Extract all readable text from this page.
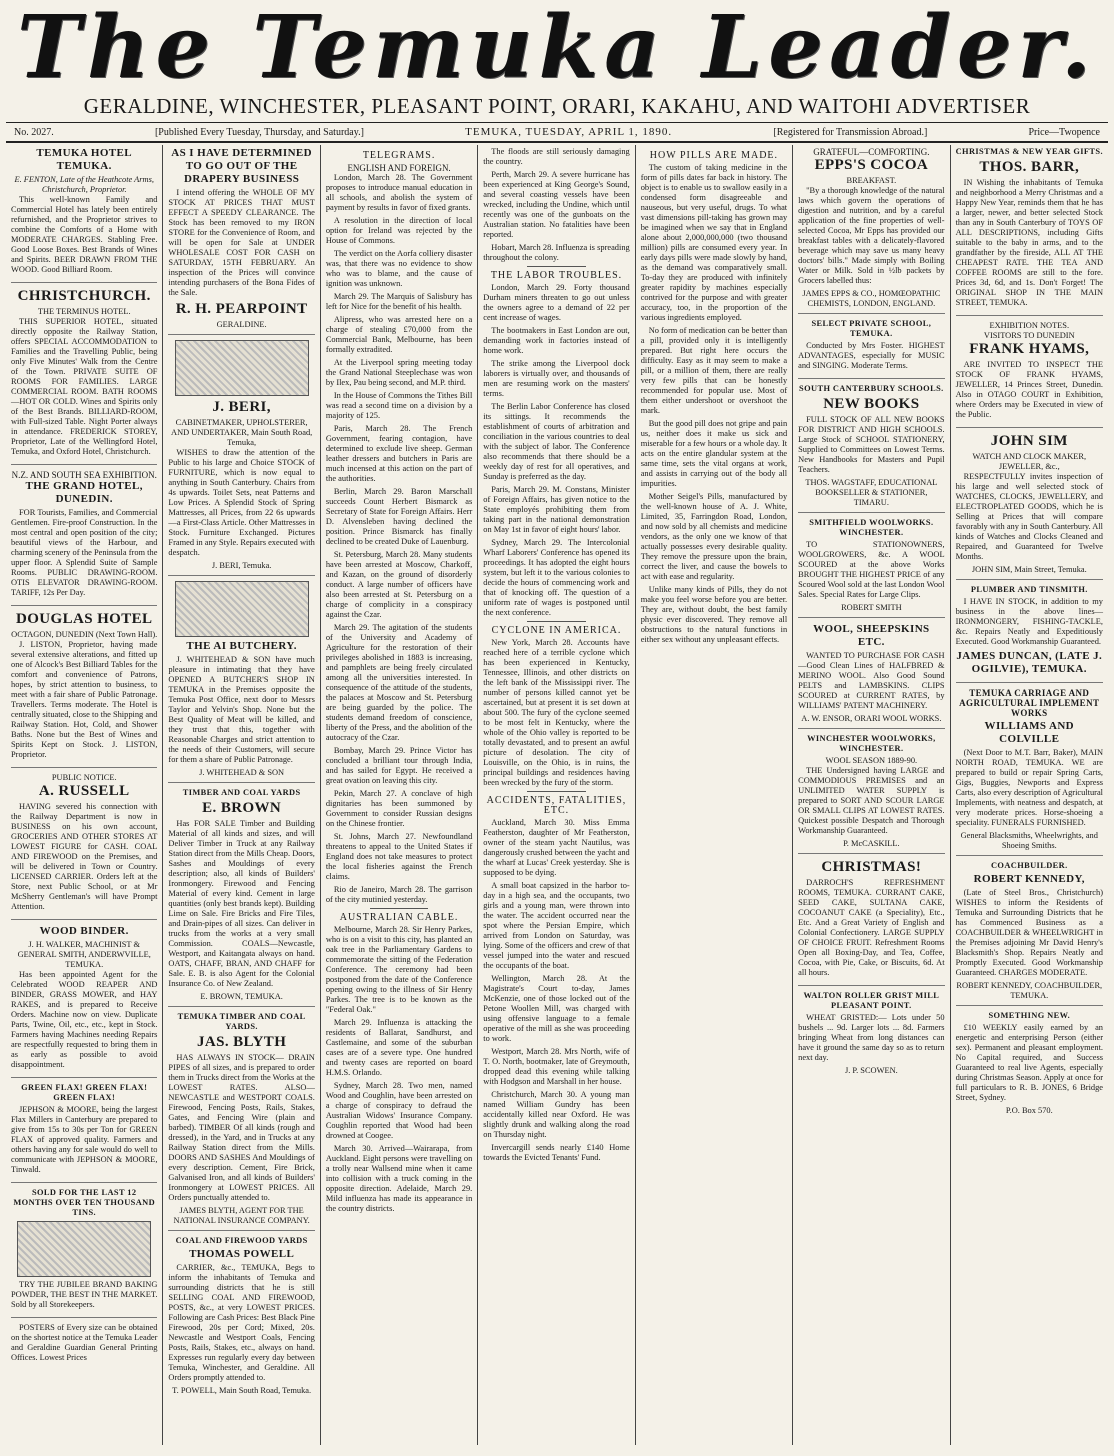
The Temuka Leader.
GERALDINE, WINCHESTER, PLEASANT POINT, ORARI, KAKAHU, AND WAITOHI ADVERTISER
No. 2027.	[Published Every Tuesday, Thursday, and Saturday.]	TEMUKA, TUESDAY, APRIL 1, 1890.	[Registered for Transmission Abroad.]	Price—Twopence
TEMUKA HOTEL TEMUKA.
E. FENTON, Late of the Heathcote Arms, Christchurch, Proprietor.

This well-known Family and Commercial Hotel has lately been entirely refurnished, and the Proprietor strives to combine the Comforts of a Home with MODERATE CHARGES. Stabling Free. Good Loose Boxes. Best Brands of Wines and Spirits. BEER DRAWN FROM THE WOOD. Good Billiard Room.

CHRISTCHURCH.
THE TERMINUS HOTEL.

THIS SUPERIOR HOTEL, situated directly opposite the Railway Station, offers SPECIAL ACCOMMODATION to Families and the Travelling Public, being only Five Minutes' Walk from the Centre of the Town. PRIVATE SUITE OF ROOMS FOR FAMILIES. LARGE COMMERCIAL ROOM. BATH ROOMS—HOT OR COLD. Wines and Spirits only of the Best Brands. BILLIARD-ROOM, with Full-sized Table. Night Porter always in attendance. FREDERICK STOREY, Proprietor, Late of the Wellingford Hotel, Temuka, and Oxford Hotel, Christchurch.

N.Z. AND SOUTH SEA EXHIBITION.
THE GRAND HOTEL, DUNEDIN.

FOR Tourists, Families, and Commercial Gentlemen. Fire-proof Construction. In the most central and open position of the city; beautiful views of the Harbour, and charming scenery of the Peninsula from the upper floor. A Splendid Suite of Sample Rooms. PUBLIC DRAWING-ROOM. OTIS ELEVATOR DRAWING-ROOM. TARIFF, 12s Per Day.

DOUGLAS HOTEL
OCTAGON, DUNEDIN (Next Town Hall).

J. LISTON, Proprietor, having made several extensive alterations, and fitted up one of Alcock's Best Billiard Tables for the comfort and convenience of Patrons, hopes, by strict attention to business, to meet with a fair share of Public Patronage. Travellers. Terms moderate. The Hotel is centrally situated, close to the Shipping and Railway Station. Hot, Cold, and Shower Baths. None but the Best of Wines and Spirits Kept on Stock. J. LISTON, Proprietor.

PUBLIC NOTICE.
A. RUSSELL

HAVING severed his connection with the Railway Department is now in BUSINESS on his own account, GROCERIES AND OTHER STORES AT LOWEST FIGURE for CASH. COAL AND FIREWOOD on the Premises, and will be delivered in Town or Country. LICENSED CARRIER. Orders left at the Store, next Public School, or at Mr McSherry Gentleman's will have Prompt Attention.

WOOD BINDER.
J. H. WALKER, MACHINIST & GENERAL SMITH, ANDERWVILLE, TEMUKA.

Has been appointed Agent for the Celebrated WOOD REAPER AND BINDER, GRASS MOWER, and HAY RAKES, and is prepared to Receive Orders. Machine now on view. Duplicate Parts, Twine, Oil, etc., etc., kept in Stock. Farmers having Machines needing Repairs are respectfully requested to bring them in as early as possible to avoid disappointment.

GREEN FLAX! GREEN FLAX! GREEN FLAX!

JEPHSON & MOORE, being the largest Flax Millers in Canterbury are prepared to give from 15s to 30s per Ton for GREEN FLAX of approved quality. Farmers and others having any for sale would do well to communicate with JEPHSON & MOORE, Tinwald.

SOLD FOR THE LAST 12 MONTHS OVER TEN THOUSAND TINS.

TRY THE JUBILEE BRAND BAKING POWDER, THE BEST IN THE MARKET. Sold by all Storekeepers.

POSTERS of Every size can be obtained on the shortest notice at the Temuka Leader and Geraldine Guardian General Printing Offices. Lowest Prices

AS I HAVE DETERMINED TO GO OUT OF THE DRAPERY BUSINESS

I intend offering the WHOLE OF MY STOCK AT PRICES THAT MUST EFFECT A SPEEDY CLEARANCE. The Stock has been removed to my IRON STORE for the Convenience of Room, and will be open for Sale at UNDER WHOLESALE COST FOR CASH on SATURDAY, 15TH FEBRUARY. An inspection of the Prices will convince intending purchasers of the Bona Fides of the Sale.

R. H. PEARPOINT
GERALDINE.
J. BERI,
CABINETMAKER, UPHOLSTERER, AND UNDERTAKER, Main South Road, Temuka,

WISHES to draw the attention of the Public to his large and Choice STOCK of FURNITURE, which is now equal to anything in South Canterbury. Chairs from 4s upwards. Toilet Sets, neat Patterns and Low Prices. A Splendid Stock of Spring Mattresses, all Prices, from 22 6s upwards—a First-Class Article. Other Mattresses in Stock. Furniture Exchanged. Pictures Framed in any Style. Repairs executed with despatch.

J. BERI, Temuka.
THE AI BUTCHERY.

J. WHITEHEAD & SON have much pleasure in intimating that they have OPENED A BUTCHER'S SHOP IN TEMUKA in the Premises opposite the Temuka Post Office, next door to Messrs Taylor and Yelvin's Shop. None but the Best Quality of Meat will be killed, and they trust that this, together with Reasonable Charges and strict attention to the needs of their Customers, will secure for them a share of Public Patronage.

J. WHITEHEAD & SON
TIMBER AND COAL YARDS
E. BROWN

Has FOR SALE Timber and Building Material of all kinds and sizes, and will Deliver Timber in Truck at any Railway Station direct from the Mills Cheap. Doors, Sashes and Mouldings of every description; also, all kinds of Builders' Ironmongery. Firewood and Fencing Material of every kind. Cement in large quantities (only best brands kept). Building Lime on Sale. Fire Bricks and Fire Tiles, and Drain-pipes of all sizes. Can deliver in trucks from the works at a very small Commission. COALS—Newcastle, Westport, and Kaitangata always on hand. OATS, CHAFF, BRAN, AND CHAFF for Sale. E. B. is also Agent for the Colonial Insurance Co. of New Zealand.

E. BROWN, TEMUKA.
TEMUKA TIMBER AND COAL YARDS.
JAS. BLYTH

HAS ALWAYS IN STOCK— DRAIN PIPES of all sizes, and is prepared to order them in Trucks direct from the Works at the LOWEST RATES. ALSO— NEWCASTLE and WESTPORT COALS. Firewood, Fencing Posts, Rails, Stakes, Gates, and Fencing Wire (plain and barbed). TIMBER Of all kinds (rough and dressed), in the Yard, and in Trucks at any Railway Station direct from the Mills. DOORS AND SASHES And Mouldings of every description. Cement, Fire Brick, Galvanised Iron, and all kinds of Builders' Ironmongery at LOWEST PRICES. All Orders punctually attended to.

JAMES BLYTH, AGENT FOR THE NATIONAL INSURANCE COMPANY.
COAL AND FIREWOOD YARDS
THOMAS POWELL

CARRIER, &c., TEMUKA, Begs to inform the inhabitants of Temuka and surrounding districts that he is still SELLING COAL AND FIREWOOD, POSTS, &c., at very LOWEST PRICES. Following are Cash Prices: Best Black Pine Firewood, 20s per Cord; Mixed, 20s. Newcastle and Westport Coals, Fencing Posts, Rails, Stakes, etc., always on hand. Expresses run regularly every day between Temuka, Winchester, and Geraldine. All Orders promptly attended to.

T. POWELL, Main South Road, Temuka.
TELEGRAMS.
ENGLISH AND FOREIGN.

London, March 28. The Government proposes to introduce manual education in all schools, and abolish the system of payment by results in favor of fixed grants.

A resolution in the direction of local option for Ireland was rejected by the House of Commons.

The verdict on the Aorfa colliery disaster was, that there was no evidence to show who was to blame, and the cause of ignition was unknown.

March 29. The Marquis of Salisbury has left for Nice for the benefit of his health.

Alipress, who was arrested here on a charge of stealing £70,000 from the Commercial Bank, Melbourne, has been formally extradited.

At the Liverpool spring meeting today the Grand National Steeplechase was won by Ilex, Pau being second, and M.P. third.

In the House of Commons the Tithes Bill was read a second time on a division by a majority of 125.

Paris, March 28. The French Government, fearing contagion, have determined to exclude live sheep. German leather dressers and butchers in Paris are much incensed at this action on the part of the authorities.

Berlin, March 29. Baron Marschall succeeds Count Herbert Bismarck as Secretary of State for Foreign Affairs. Herr D. Alvensleben having declined the position. Prince Bismarck has finally declined to be created Duke of Lauenburg.

St. Petersburg, March 28. Many students have been arrested at Moscow, Charkoff, and Kazan, on the ground of disorderly conduct. A large number of officers have also been arrested at St. Petersburg on a charge of complicity in a conspiracy against the Czar.

March 29. The agitation of the students of the University and Academy of Agriculture for the restoration of their privileges abolished in 1883 is increasing, and pamphlets are being freely circulated among all the universities interested. In consequence of the attitude of the students, the palaces at Moscow and St. Petersburg are being guarded by the police. The students demand freedom of conscience, liberty of the Press, and the abolition of the autocracy of the Czar.

Bombay, March 29. Prince Victor has concluded a brilliant tour through India, and has sailed for Egypt. He received a great ovation on leaving this city.

Pekin, March 27. A conclave of high dignitaries has been summoned by Government to consider Russian designs on the Chinese frontier.

St. Johns, March 27. Newfoundland threatens to appeal to the United States if England does not take measures to protect the local fisheries against the French claims.

Rio de Janeiro, March 28. The garrison of the city mutinied yesterday.

AUSTRALIAN CABLE.

Melbourne, March 28. Sir Henry Parkes, who is on a visit to this city, has planted an oak tree in the Parliamentary Gardens to commemorate the sitting of the Federation Conference. The ceremony had been postponed from the date of the Conference opening owing to the illness of Sir Henry Parkes. The tree is to be known as the "Federal Oak."

March 29. Influenza is attacking the residents of Ballarat, Sandhurst, and Castlemaine, and some of the suburban cases are of a severe type. One hundred and twenty cases are reported on board H.M.S. Orlando.

Sydney, March 28. Two men, named Wood and Coughlin, have been arrested on a charge of conspiracy to defraud the Australian Widows' Insurance Company. Coughlin reported that Wood had been drowned at Coogee.

March 30. Arrived—Wairarapa, from Auckland. Eight persons were travelling on a trolly near Wallsend mine when it came into collision with a truck coming in the opposite direction. Adelaide, March 29. Mild influenza has made its appearance in the country districts.

The floods are still seriously damaging the country.

Perth, March 29. A severe hurricane has been experienced at King George's Sound, and several coasting vessels have been wrecked, including the Undine, which until recently was one of the gunboats on the Australian station. No fatalities have been reported.

Hobart, March 28. Influenza is spreading throughout the colony.

THE LABOR TROUBLES.

London, March 29. Forty thousand Durham miners threaten to go out unless the owners agree to a demand of 22 per cent increase of wages.

The bootmakers in East London are out, demanding work in factories instead of home work.

The strike among the Liverpool dock laborers is virtually over, and thousands of men are resuming work on the masters' terms.

The Berlin Labor Conference has closed its sittings. It recommends the establishment of courts of arbitration and conciliation in the various countries to deal with the subject of labor. The Conference also recommends that there should be a weekly day of rest for all operatives, and Sunday is preferred as the day.

Paris, March 29. M. Constans, Minister of Foreign Affairs, has given notice to the State employés prohibiting them from taking part in the national demonstration on May 1st in favor of eight hours' labor.

Sydney, March 29. The Intercolonial Wharf Laborers' Conference has opened its proceedings. It has adopted the eight hours system, but left it to the various colonies to decide the hours of commencing work and that of knocking off. The question of a uniform rate of wages is postponed until the next conference.

CYCLONE IN AMERICA.

New York, March 28. Accounts have reached here of a terrible cyclone which has been experienced in Kentucky, Tennessee, Illinois, and other districts on the left bank of the Mississippi river. The number of persons killed cannot yet be ascertained, but at present it is set down at about 500. The fury of the cyclone seemed to be most felt in Kentucky, where the whole of the Ohio valley is reported to be totally devastated, and to present an awful picture of desolation. The city of Louisville, on the Ohio, is in ruins, the principal buildings and residences having been wrecked by the fury of the storm.

ACCIDENTS, FATALITIES, ETC.

Auckland, March 30. Miss Emma Featherston, daughter of Mr Featherston, owner of the steam yacht Nautilus, was dangerously crushed between the yacht and the wharf at Lucas' Creek yesterday. She is supposed to be dying.

A small boat capsized in the harbor to-day in a high sea, and the occupants, two girls and a young man, were thrown into the water. The accident occurred near the spot where the Persian Empire, which arrived from London on Saturday, was lying. Some of the officers and crew of that vessel jumped into the water and rescued the occupants of the boat.

Wellington, March 28. At the Magistrate's Court to-day, James McKenzie, one of those locked out of the Petone Woollen Mill, was charged with using offensive language to a female operative of the mill as she was proceeding to work.

Westport, March 28. Mrs North, wife of T. O. North, bootmaker, late of Greymouth, dropped dead this evening while talking with Hodgson and Marshall in her house.

Christchurch, March 30. A young man named William Gundry has been accidentally killed near Oxford. He was slightly drunk and walking along the road on Thursday night.

Invercargill sends nearly £140 Home towards the Evicted Tenants' Fund.

HOW PILLS ARE MADE.

The custom of taking medicine in the form of pills dates far back in history. The object is to enable us to swallow easily in a condensed form disagreeable and nauseous, but very useful, drugs. To what vast dimensions pill-taking has grown may be imagined when we say that in England alone about 2,000,000,000 (two thousand million) pills are consumed every year. In early days pills were made slowly by hand, as the demand was comparatively small. To-day they are produced with infinitely greater rapidity by machines especially contrived for the purpose and with greater accuracy, too, in the proportion of the various ingredients employed.

No form of medication can be better than a pill, provided only it is intelligently prepared. But right here occurs the difficulty. Easy as it may seem to make a pill, or a million of them, there are really very few pills that can be honestly recommended for popular use. Most of them either undershoot or overshoot the mark.

But the good pill does not gripe and pain us, neither does it make us sick and miserable for a few hours or a whole day. It acts on the entire glandular system at the same time, sets the vital organs at work, and assists in carrying out of the body all impurities.

Mother Seigel's Pills, manufactured by the well-known house of A. J. White, Limited, 35, Farringdon Road, London, and now sold by all chemists and medicine vendors, as the only one we know of that actually possesses every desirable quality. They remove the pressure upon the brain, correct the liver, and cause the bowels to act with ease and regularity.

Unlike many kinds of Pills, they do not make you feel worse before you are better. They are, without doubt, the best family physic ever discovered. They remove all obstructions to the natural functions in either sex without any unpleasant effects.

GRATEFUL—COMFORTING.
EPPS'S COCOA
BREAKFAST.

"By a thorough knowledge of the natural laws which govern the operations of digestion and nutrition, and by a careful application of the fine properties of well-selected Cocoa, Mr Epps has provided our breakfast tables with a delicately-flavored beverage which may save us many heavy doctors' bills." Made simply with Boiling Water or Milk. Sold in ½lb packets by Grocers labelled thus:

JAMES EPPS & CO., HOMŒOPATHIC CHEMISTS, LONDON, ENGLAND.
SELECT PRIVATE SCHOOL, TEMUKA.

Conducted by Mrs Foster. HIGHEST ADVANTAGES, especially for MUSIC and SINGING. Moderate Terms.

SOUTH CANTERBURY SCHOOLS.
NEW BOOKS

FULL STOCK OF ALL NEW BOOKS FOR DISTRICT AND HIGH SCHOOLS. Large Stock of SCHOOL STATIONERY, Supplied to Committees on Lowest Terms. New Handbooks for Masters and Pupil Teachers.

THOS. WAGSTAFF, EDUCATIONAL BOOKSELLER & STATIONER, TIMARU.
SMITHFIELD WOOLWORKS. WINCHESTER.

TO STATIONOWNERS, WOOLGROWERS, &c. A WOOL SCOURED at the above Works BROUGHT THE HIGHEST PRICE of any Scoured Wool sold at the last London Wool Sales. Special Rates for Large Clips.

ROBERT SMITH
WOOL, SHEEPSKINS ETC.

WANTED TO PURCHASE FOR CASH—Good Clean Lines of HALFBRED & MERINO WOOL. Also Good Sound PELTS and LAMBSKINS. CLIPS SCOURED at CURRENT RATES, by WILLIAMS' PATENT MACHINERY.

A. W. ENSOR, ORARI WOOL WORKS.
WINCHESTER WOOLWORKS, WINCHESTER.
WOOL SEASON 1889-90.

THE Undersigned having LARGE and COMMODIOUS PREMISES and an UNLIMITED WATER SUPPLY is prepared to SORT AND SCOUR LARGE OR SMALL CLIPS AT LOWEST RATES. Quickest possible Despatch and Thorough Workmanship Guaranteed.

P. McCASKILL.
CHRISTMAS!

DARROCH'S REFRESHMENT ROOMS, TEMUKA. CURRANT CAKE, SEED CAKE, SULTANA CAKE, COCOANUT CAKE (a Speciality), Etc., Etc. And a Great Variety of English and Colonial Confectionery. LARGE SUPPLY OF CHOICE FRUIT. Refreshment Rooms Open all Boxing-Day, and Tea, Coffee, Cocoa, with Pie, Cake, or Biscuits, 6d. At all hours.

WALTON ROLLER GRIST MILL PLEASANT POINT.

WHEAT GRISTED:— Lots under 50 bushels ... 9d. Larger lots ... 8d. Farmers bringing Wheat from long distances can have it ground the same day so as to return next day.

J. P. SCOWEN.
CHRISTMAS & NEW YEAR GIFTS.
THOS. BARR,

IN Wishing the inhabitants of Temuka and neighborhood a Merry Christmas and a Happy New Year, reminds them that he has a larger, newer, and better selected Stock than any in South Canterbury of TOYS OF ALL DESCRIPTIONS, including Gifts suitable to the baby in arms, and to the grandfather by the fireside, ALL AT THE CHEAPEST RATE. THE TEA AND COFFEE ROOMS are still to the fore. Prices 3d, 6d, and 1s. Don't Forget! The ORIGINAL SHOP IN THE MAIN STREET, TEMUKA.

EXHIBITION NOTES.
VISITORS TO DUNEDIN
FRANK HYAMS,

ARE INVITED TO INSPECT THE STOCK OF FRANK HYAMS, JEWELLER, 14 Princes Street, Dunedin. Also in OTAGO COURT in Exhibition, where Orders may be Executed in view of the Public.

JOHN SIM
WATCH AND CLOCK MAKER, JEWELLER, &c.,

RESPECTFULLY invites inspection of his large and well selected stock of WATCHES, CLOCKS, JEWELLERY, and ELECTROPLATED GOODS, which he is Selling at Prices that will compare favorably with any in South Canterbury. All kinds of Watches and Clocks Cleaned and Repaired, and Guaranteed for Twelve Months.

JOHN SIM, Main Street, Temuka.
PLUMBER AND TINSMITH.

I HAVE IN STOCK, in addition to my business in the above lines—IRONMONGERY, FISHING-TACKLE, &c. Repairs Neatly and Expeditiously Executed. Good Workmanship Guaranteed.

JAMES DUNCAN, (LATE J. OGILVIE), TEMUKA.
TEMUKA CARRIAGE AND AGRICULTURAL IMPLEMENT WORKS
WILLIAMS AND COLVILLE

(Next Door to M.T. Barr, Baker), MAIN NORTH ROAD, TEMUKA. WE are prepared to build or repair Spring Carts, Gigs, Buggies, Newports and Express Carts, also every description of Agricultural Implements, with neatness and despatch, at very moderate prices. Horse-shoeing a speciality. FUNERALS FURNISHED.

General Blacksmiths, Wheelwrights, and Shoeing Smiths.
COACHBUILDER.
ROBERT KENNEDY,

(Late of Steel Bros., Christchurch) WISHES to inform the Residents of Temuka and Surrounding Districts that he has Commenced Business as a COACHBUILDER & WHEELWRIGHT in the Premises adjoining Mr David Henry's Blacksmith's Shop. Repairs Neatly and Promptly Executed. Good Workmanship Guaranteed. CHARGES MODERATE.

ROBERT KENNEDY, COACHBUILDER, TEMUKA.
SOMETHING NEW.

£10 WEEKLY easily earned by an energetic and enterprising Person (either sex). Permanent and pleasant employment. No Capital required, and Success Guaranteed to real live Agents, especially during Christmas Season. Apply at once for full particulars to R. B. JONES, 6 Bridge Street, Sydney.

P.O. Box 570.
